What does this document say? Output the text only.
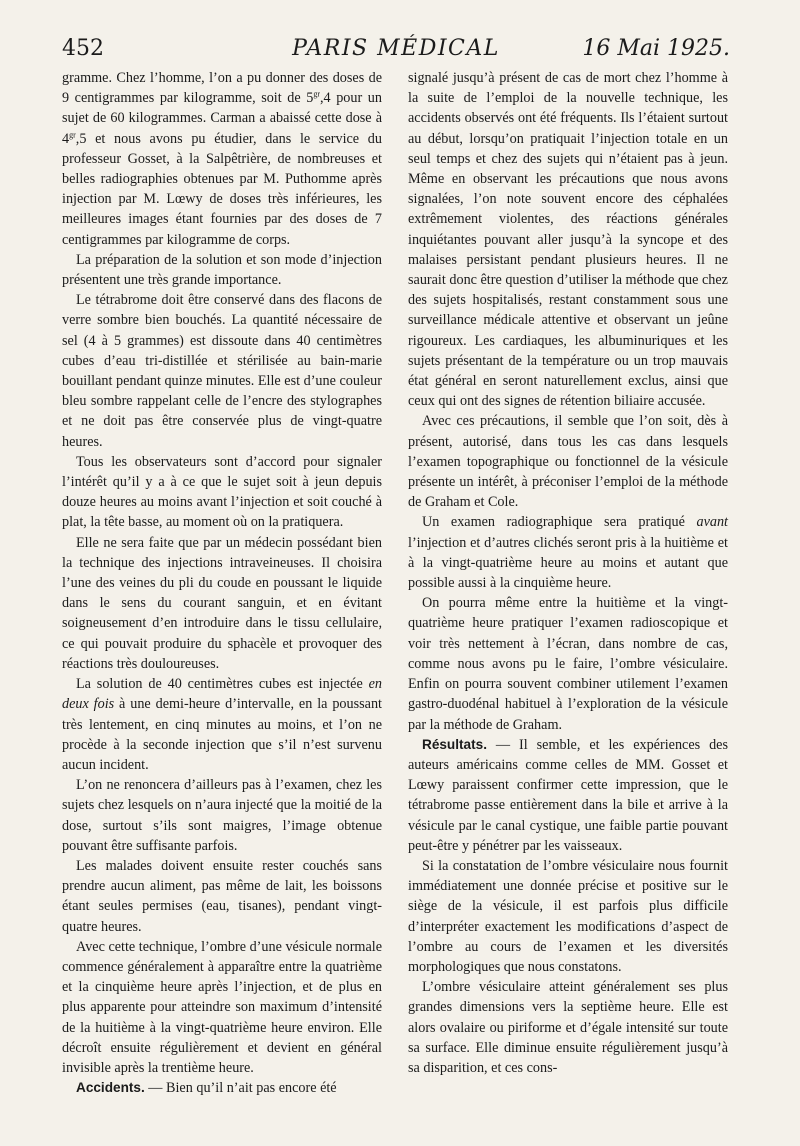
452	PARIS MÉDICAL	16 Mai 1925.

gramme. Chez l’homme, l’on a pu donner des doses de 9 centigrammes par kilogramme, soit de $5^{gr},4$ pour un sujet de 60 kilogrammes. Carman a abaissé cette dose à $4^{gr},5$ et nous avons pu étudier, dans le service du professeur Gosset, à la Salpêtrière, de nombreuses et belles radiographies obtenues par M. Puthomme après injection par M. Lœwy de doses très inférieures, les meilleures images étant fournies par des doses de 7 centigrammes par kilogramme de corps.

La préparation de la solution et son mode d’injection présentent une très grande importance.

Le tétrabrome doit être conservé dans des flacons de verre sombre bien bouchés. La quantité nécessaire de sel (4 à 5 grammes) est dissoute dans 40 centimètres cubes d’eau tri-distillée et stérilisée au bain-marie bouillant pendant quinze minutes. Elle est d’une couleur bleu sombre rappelant celle de l’encre des stylographes et ne doit pas être conservée plus de vingt-quatre heures.

Tous les observateurs sont d’accord pour signaler l’intérêt qu’il y a à ce que le sujet soit à jeun depuis douze heures au moins avant l’injection et soit couché à plat, la tête basse, au moment où on la pratiquera.

Elle ne sera faite que par un médecin possédant bien la technique des injections intraveineuses. Il choisira l’une des veines du pli du coude en poussant le liquide dans le sens du courant sanguin, et en évitant soigneusement d’en introduire dans le tissu cellulaire, ce qui pouvait produire du sphacèle et provoquer des réactions très douloureuses.

La solution de 40 centimètres cubes est injectée en deux fois à une demi-heure d’intervalle, en la poussant très lentement, en cinq minutes au moins, et l’on ne procède à la seconde injection que s’il n’est survenu aucun incident.

L’on ne renoncera d’ailleurs pas à l’examen, chez les sujets chez lesquels on n’aura injecté que la moitié de la dose, surtout s’ils sont maigres, l’image obtenue pouvant être suffisante parfois.

Les malades doivent ensuite rester couchés sans prendre aucun aliment, pas même de lait, les boissons étant seules permises (eau, tisanes), pendant vingt-quatre heures.

Avec cette technique, l’ombre d’une vésicule normale commence généralement à apparaître entre la quatrième et la cinquième heure après l’injection, et de plus en plus apparente pour atteindre son maximum d’intensité de la huitième à la vingt-quatrième heure environ. Elle décroît ensuite régulièrement et devient en général invisible après la trentième heure.

Accidents. — Bien qu’il n’ait pas encore été

signalé jusqu’à présent de cas de mort chez l’homme à la suite de l’emploi de la nouvelle technique, les accidents observés ont été fréquents. Ils l’étaient surtout au début, lorsqu’on pratiquait l’injection totale en un seul temps et chez des sujets qui n’étaient pas à jeun. Même en observant les précautions que nous avons signalées, l’on note souvent encore des céphalées extrêmement violentes, des réactions générales inquiétantes pouvant aller jusqu’à la syncope et des malaises persistant pendant plusieurs heures. Il ne saurait donc être question d’utiliser la méthode que chez des sujets hospitalisés, restant constamment sous une surveillance médicale attentive et observant un jeûne rigoureux. Les cardiaques, les albuminuriques et les sujets présentant de la température ou un trop mauvais état général en seront naturellement exclus, ainsi que ceux qui ont des signes de rétention biliaire accusée.

Avec ces précautions, il semble que l’on soit, dès à présent, autorisé, dans tous les cas dans lesquels l’examen topographique ou fonctionnel de la vésicule présente un intérêt, à préconiser l’emploi de la méthode de Graham et Cole.

Un examen radiographique sera pratiqué avant l’injection et d’autres clichés seront pris à la huitième et à la vingt-quatrième heure au moins et autant que possible aussi à la cinquième heure.

On pourra même entre la huitième et la vingt-quatrième heure pratiquer l’examen radioscopique et voir très nettement à l’écran, dans nombre de cas, comme nous avons pu le faire, l’ombre vésiculaire. Enfin on pourra souvent combiner utilement l’examen gastro-duodénal habituel à l’exploration de la vésicule par la méthode de Graham.

Résultats. — Il semble, et les expériences des auteurs américains comme celles de MM. Gosset et Lœwy paraissent confirmer cette impression, que le tétrabrome passe entièrement dans la bile et arrive à la vésicule par le canal cystique, une faible partie pouvant peut-être y pénétrer par les vaisseaux.

Si la constatation de l’ombre vésiculaire nous fournit immédiatement une donnée précise et positive sur le siège de la vésicule, il est parfois plus difficile d’interpréter exactement les modifications d’aspect de l’ombre au cours de l’examen et les diversités morphologiques que nous constatons.

L’ombre vésiculaire atteint généralement ses plus grandes dimensions vers la septième heure. Elle est alors ovalaire ou piriforme et d’égale intensité sur toute sa surface. Elle diminue ensuite régulièrement jusqu’à sa disparition, et ces cons-
